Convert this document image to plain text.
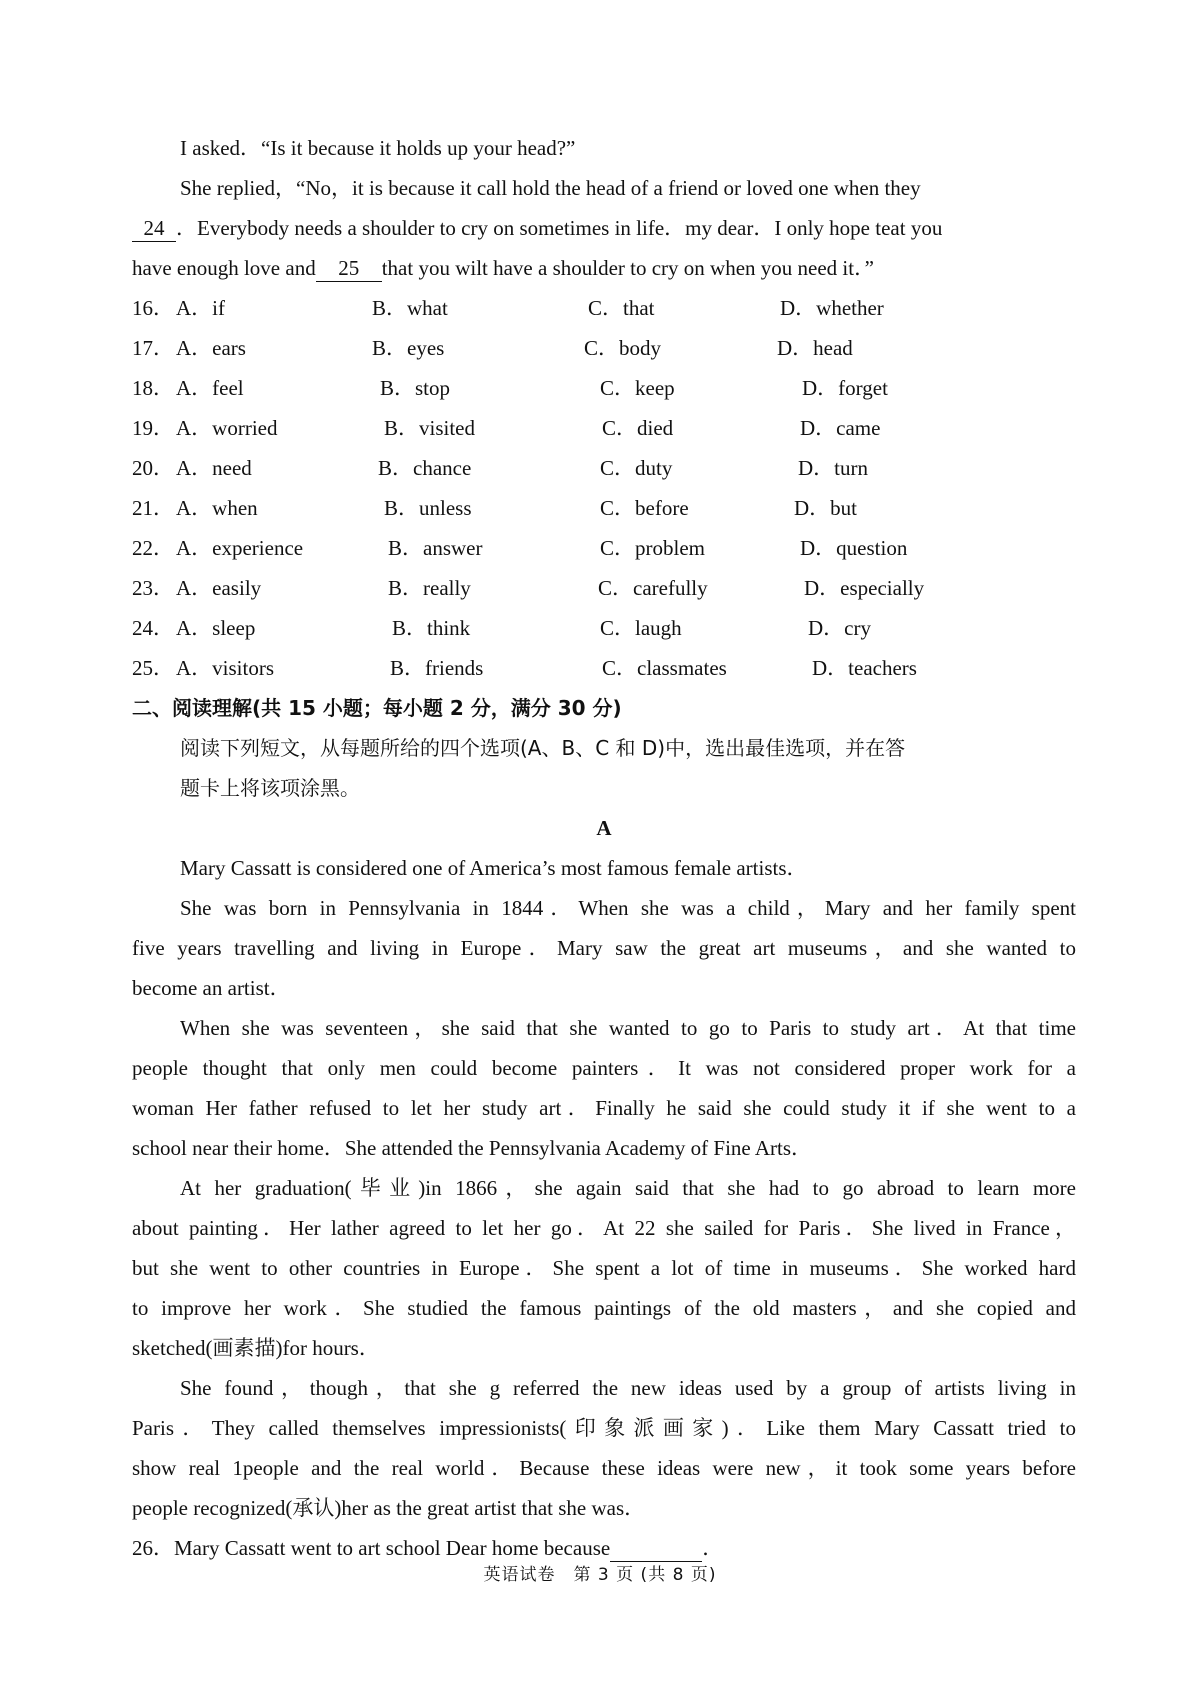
I asked．“Is it because it holds up your head?”
She replied，“No，it is because it call hold the head of a friend or loved one when they
24 ．Everybody needs a shoulder to cry on sometimes in life．my dear．I only hope teat you
have enough love and 25 that you wilt have a shoulder to cry on when you need it．”
16． A．if	B．what	C．that	D．whether
17． A．ears	B．eyes	C．body	D．head
18． A．feel	B．stop	C．keep	D．forget
19． A．worried	B．visited	C．died	D．came
20． A．need	B．chance	C．duty	D．turn
21． A．when	B．unless	C．before	D．but
22． A．experience	B．answer	C．problem	D．question
23． A．easily	B．really	C．carefully	D．especially
24． A．sleep	B．think	C．laugh	D．cry
25． A．visitors	B．friends	C．classmates	D．teachers
二、阅读理解(共 15 小题；每小题 2 分，满分 30 分)
阅读下列短文，从每题所给的四个选项(A、B、C 和 D)中，选出最佳选项，并在答
题卡上将该项涂黑。
A
Mary Cassatt is considered one of America’s most famous female artists．
She was born in Pennsylvania in 1844．When she was a child，Mary and her family spent
five years travelling and living in Europe．Mary saw the great art museums，and she wanted to
become an artist．
When she was seventeen，she said that she wanted to go to Paris to study art．At that time
people thought that only men could become painters．It was not considered proper work for a
woman Her father refused to let her study art．Finally he said she could study it if she went to a
school near their home．She attended the Pennsylvania Academy of Fine Arts．
At her graduation(毕业)in 1866，she again said that she had to go abroad to learn more
about painting．Her lather agreed to let her go．At 22 she sailed for Paris．She lived in France，
but she went to other countries in Europe．She spent a lot of time in museums．She worked hard
to improve her work．She studied the famous paintings of the old masters，and she copied and
sketched(画素描)for hours．
She found，though，that she g referred the new ideas used by a group of artists living in
Paris．They called themselves impressionists(印象派画家)．Like them Mary Cassatt tried to
show real 1people and the real world．Because these ideas were new，it took some years before
people recognized(承认)her as the great artist that she was．
26．Mary Cassatt went to art school Dear home because	．
英语试卷　第 3 页 (共 8 页)
